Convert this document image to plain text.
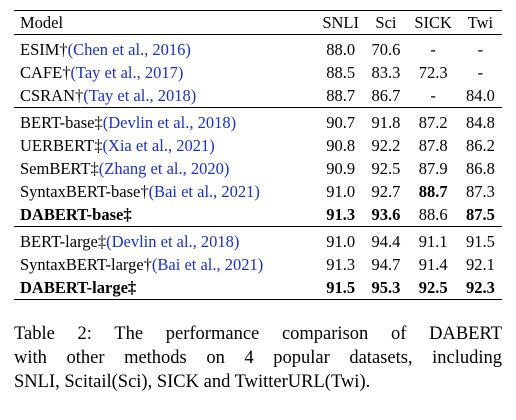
Model	SNLI	Sci	SICK	Twi
ESIM†(Chen et al., 2016)	88.0	70.6	-	-
CAFE†(Tay et al., 2017)	88.5	83.3	72.3	-
CSRAN†(Tay et al., 2018)	88.7	86.7	-	84.0
BERT-base‡(Devlin et al., 2018)	90.7	91.8	87.2	84.8
UERBERT‡(Xia et al., 2021)	90.8	92.2	87.8	86.2
SemBERT‡(Zhang et al., 2020)	90.9	92.5	87.9	86.8
SyntaxBERT-base†(Bai et al., 2021)	91.0	92.7	88.7	87.3
DABERT-base‡	91.3	93.6	88.6	87.5
BERT-large‡(Devlin et al., 2018)	91.0	94.4	91.1	91.5
SyntaxBERT-large†(Bai et al., 2021)	91.3	94.7	91.4	92.1
DABERT-large‡	91.5	95.3	92.5	92.3
Table 2: The performance comparison of DABERT
with other methods on 4 popular datasets, including
SNLI, Scitail(Sci), SICK and TwitterURL(Twi).
